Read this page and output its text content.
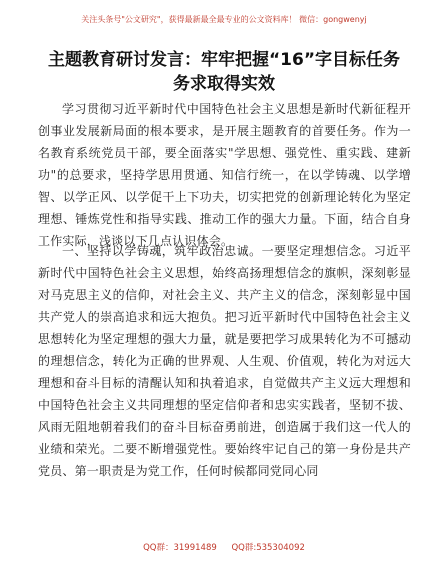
关注头条号"公文研究"，获得最新最全最专业的公文资料库！ 微信：gongwenyj
主题教育研讨发言：牢牢把握“16”字目标任务务求取得实效
学习贯彻习近平新时代中国特色社会主义思想是新时代新征程开创事业发展新局面的根本要求，是开展主题教育的首要任务。作为一名教育系统党员干部，要全面落实"学思想、强党性、重实践、建新功"的总要求，坚持学思用贯通、知信行统一，在以学铸魂、以学增智、以学正风、以学促干上下功夫，切实把党的创新理论转化为坚定理想、锤炼党性和指导实践、推动工作的强大力量。下面，结合自身工作实际，浅谈以下几点认识体会。
一、坚持以学铸魂，筑牢政治忠诚。一要坚定理想信念。习近平新时代中国特色社会主义思想，始终高扬理想信念的旗帜，深刻彰显对马克思主义的信仰，对社会主义、共产主义的信念，深刻彰显中国共产党人的崇高追求和远大抱负。把习近平新时代中国特色社会主义思想转化为坚定理想的强大力量，就是要把学习成果转化为不可撼动的理想信念，转化为正确的世界观、人生观、价值观，转化为对远大理想和奋斗目标的清醒认知和执着追求，自觉做共产主义远大理想和中国特色社会主义共同理想的坚定信仰者和忠实实践者，坚韧不拔、风雨无阻地朝着我们的奋斗目标奋勇前进，创造属于我们这一代人的业绩和荣光。二要不断增强党性。要始终牢记自己的第一身份是共产党员、第一职责是为党工作，任何时候都同党同心同
QQ群：31991489 QQ群:535304092
